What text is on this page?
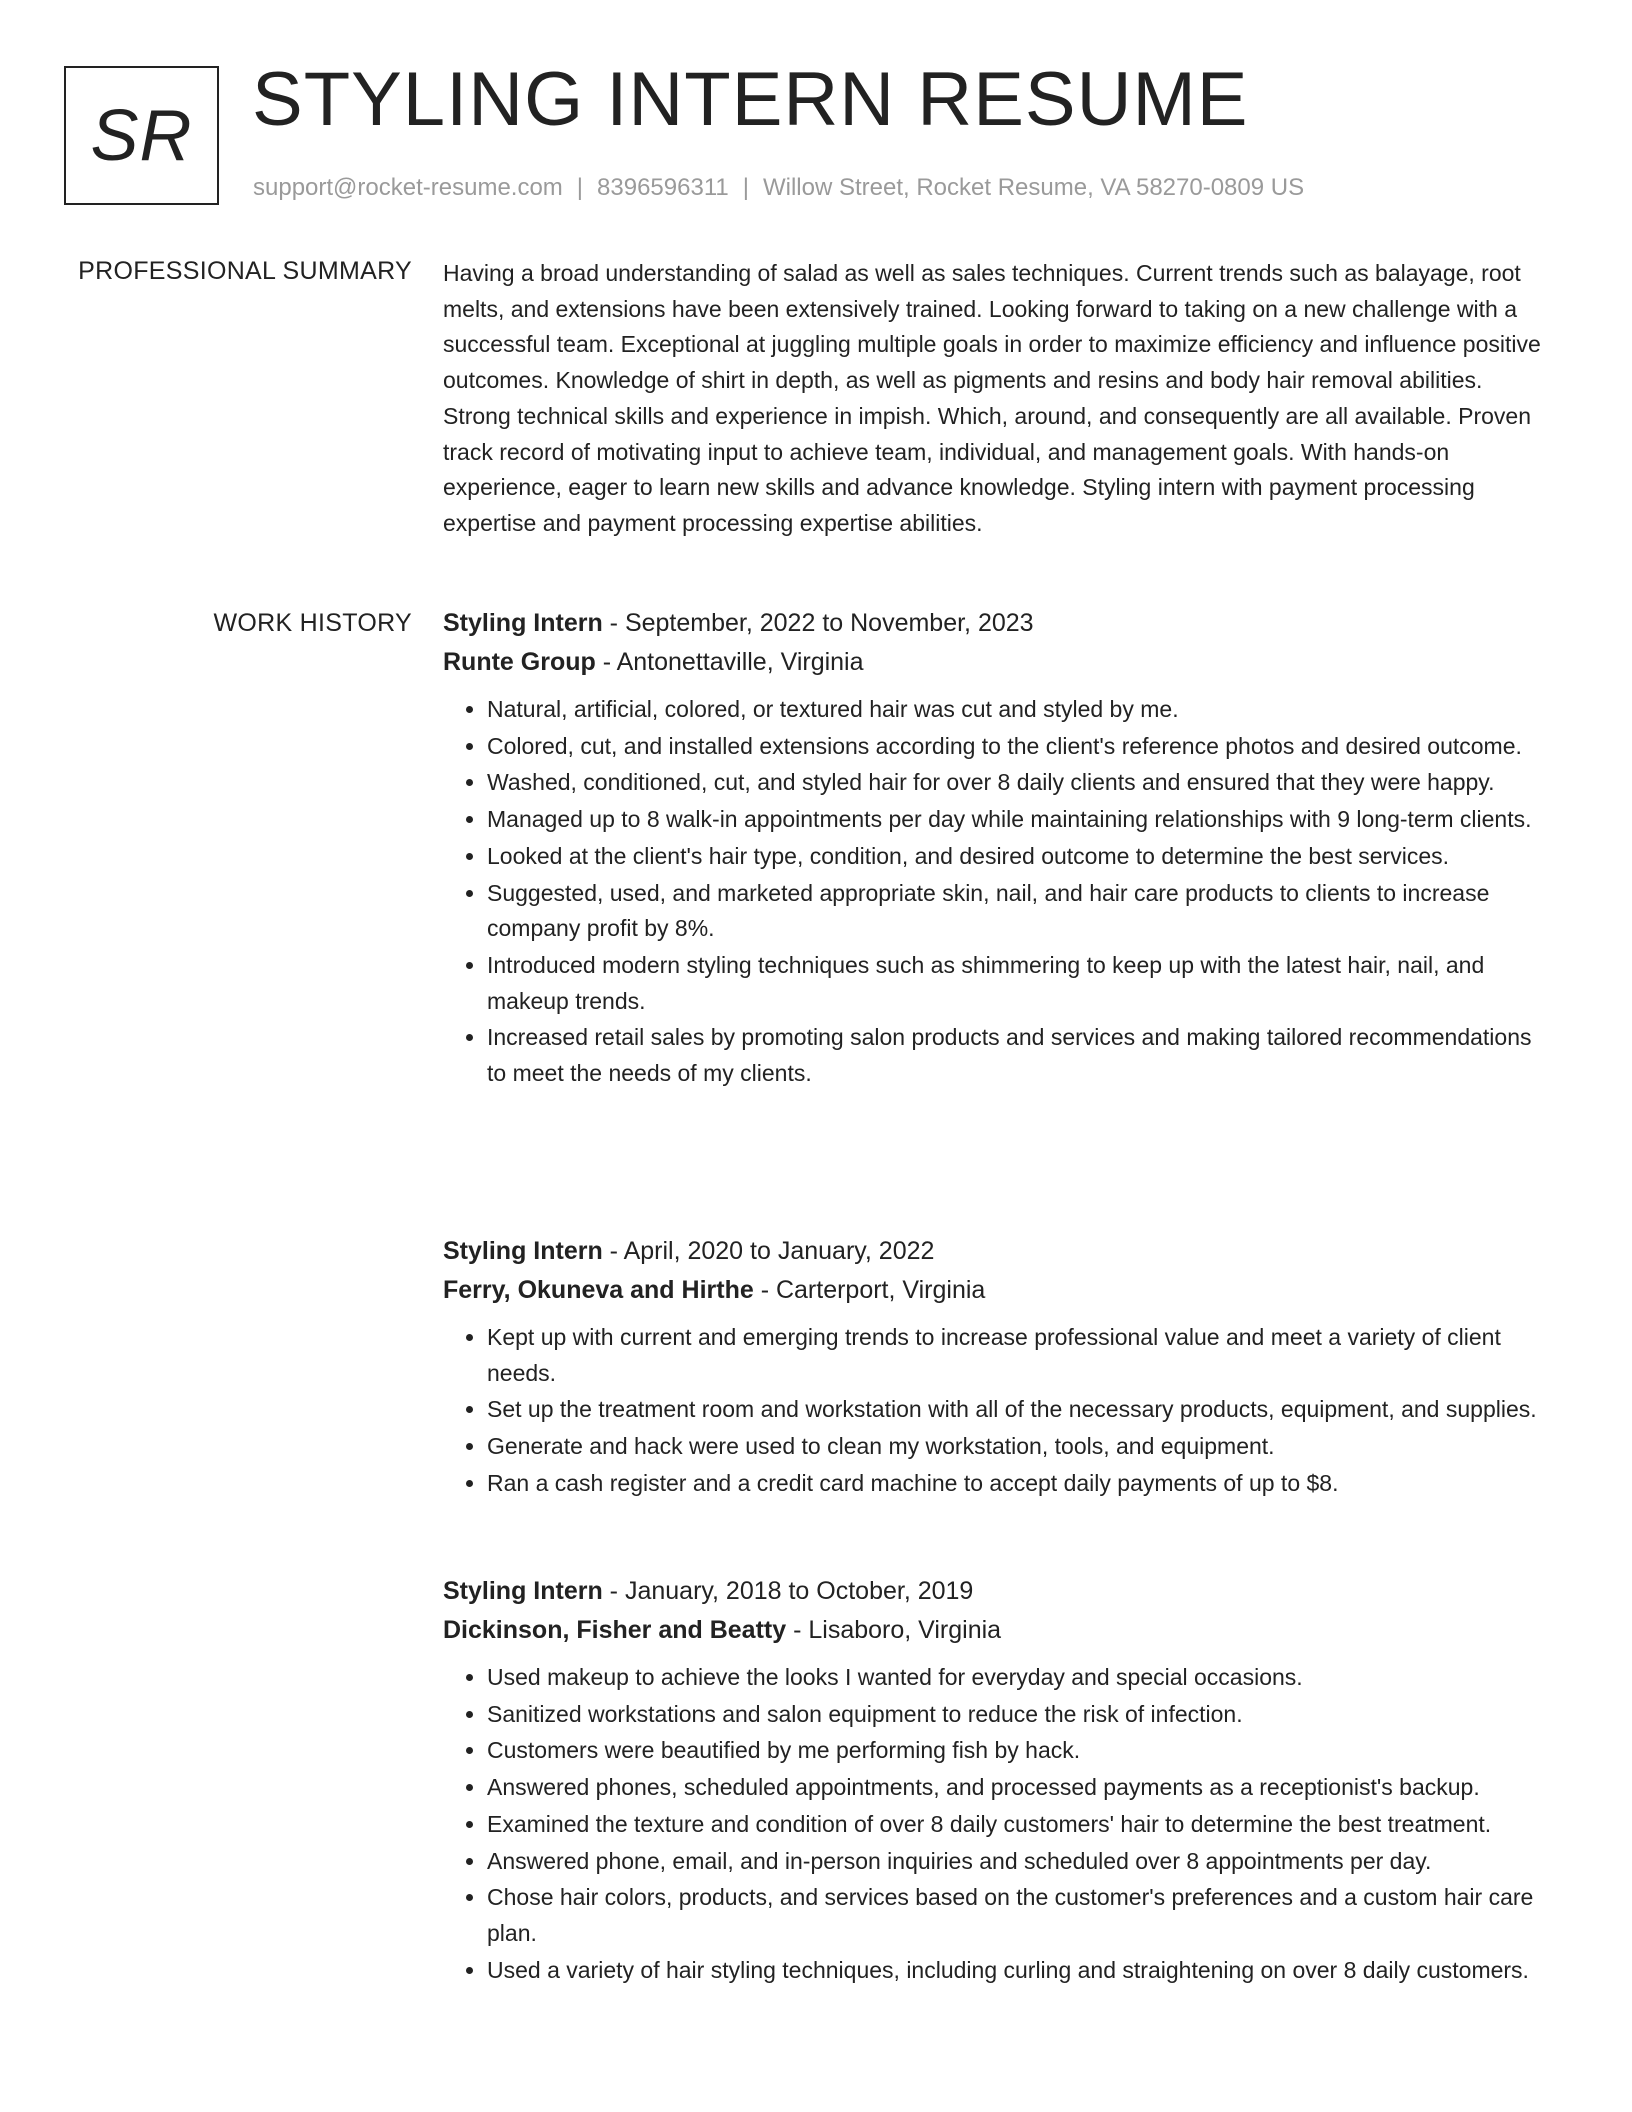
SR STYLING INTERN RESUME
support@rocket-resume.com | 8396596311 | Willow Street, Rocket Resume, VA 58270-0809 US
PROFESSIONAL SUMMARY Having a broad understanding of salad as well as sales techniques. Current trends such as balayage, root melts, and extensions have been extensively trained. Looking forward to taking on a new challenge with a successful team. Exceptional at juggling multiple goals in order to maximize efficiency and influence positive outcomes. Knowledge of shirt in depth, as well as pigments and resins and body hair removal abilities. Strong technical skills and experience in impish. Which, around, and consequently are all available. Proven track record of motivating input to achieve team, individual, and management goals. With hands-on experience, eager to learn new skills and advance knowledge. Styling intern with payment processing expertise and payment processing expertise abilities.

WORK HISTORY Styling Intern - September, 2022 to November, 2023

Runte Group - Antonettaville, Virginia

• Natural, artificial, colored, or textured hair was cut and styled by me.
• Colored, cut, and installed extensions according to the client's reference photos and desired outcome.
• Washed, conditioned, cut, and styled hair for over 8 daily clients and ensured that they were happy.
• Managed up to 8 walk-in appointments per day while maintaining relationships with 9 long-term clients.
• Looked at the client's hair type, condition, and desired outcome to determine the best services.
• Suggested, used, and marketed appropriate skin, nail, and hair care products to clients to increase company profit by 8%.
• Introduced modern styling techniques such as shimmering to keep up with the latest hair, nail, and makeup trends.
• Increased retail sales by promoting salon products and services and making tailored recommendations to meet the needs of my clients.

Styling Intern - April, 2020 to January, 2022

Ferry, Okuneva and Hirthe - Carterport, Virginia

• Kept up with current and emerging trends to increase professional value and meet a variety of client needs.
• Set up the treatment room and workstation with all of the necessary products, equipment, and supplies.
• Generate and hack were used to clean my workstation, tools, and equipment.
• Ran a cash register and a credit card machine to accept daily payments of up to $8.

Styling Intern - January, 2018 to October, 2019

Dickinson, Fisher and Beatty - Lisaboro, Virginia

• Used makeup to achieve the looks I wanted for everyday and special occasions.
• Sanitized workstations and salon equipment to reduce the risk of infection.
• Customers were beautified by me performing fish by hack.
• Answered phones, scheduled appointments, and processed payments as a receptionist's backup.
• Examined the texture and condition of over 8 daily customers' hair to determine the best treatment.
• Answered phone, email, and in-person inquiries and scheduled over 8 appointments per day.
• Chose hair colors, products, and services based on the customer's preferences and a custom hair care plan.
• Used a variety of hair styling techniques, including curling and straightening on over 8 daily customers.
